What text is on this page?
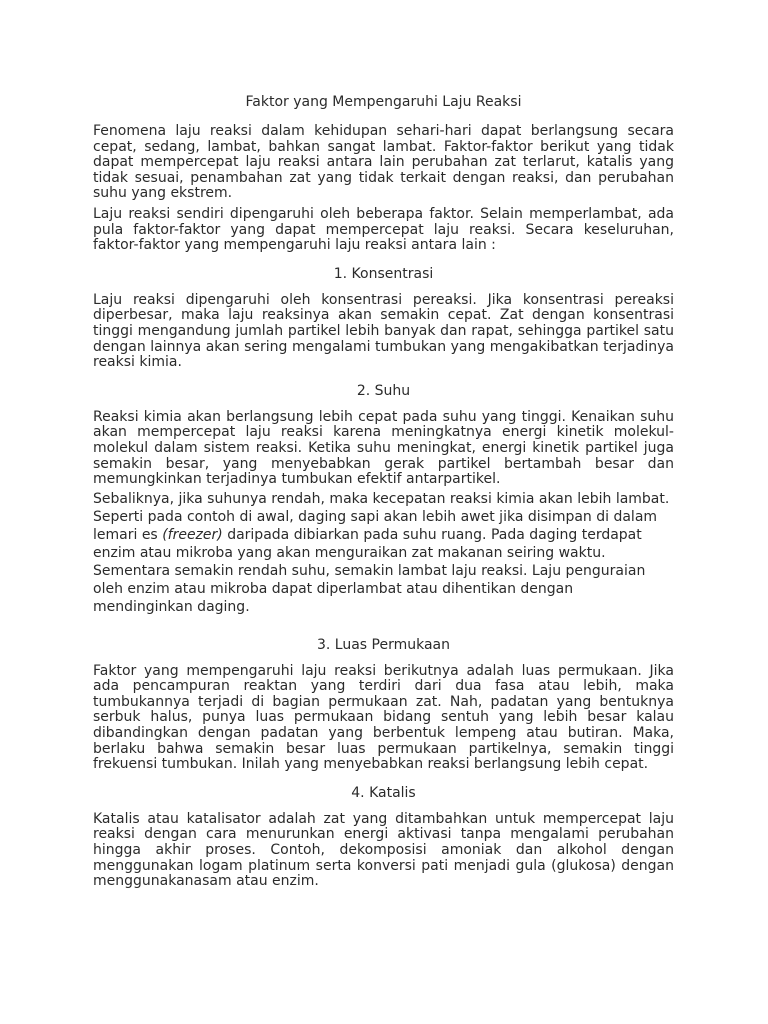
Faktor yang Mempengaruhi Laju Reaksi

Fenomena laju reaksi dalam kehidupan sehari-hari dapat berlangsung secara cepat, sedang, lambat, bahkan sangat lambat. Faktor-faktor berikut yang tidak dapat mempercepat laju reaksi antara lain perubahan zat terlarut, katalis yang tidak sesuai, penambahan zat yang tidak terkait dengan reaksi, dan perubahan suhu yang ekstrem.

Laju reaksi sendiri dipengaruhi oleh beberapa faktor. Selain memperlambat, ada pula faktor-faktor yang dapat mempercepat laju reaksi. Secara keseluruhan, faktor-faktor yang mempengaruhi laju reaksi antara lain :

1. Konsentrasi

Laju reaksi dipengaruhi oleh konsentrasi pereaksi. Jika konsentrasi pereaksi diperbesar, maka laju reaksinya akan semakin cepat. Zat dengan konsentrasi tinggi mengandung jumlah partikel lebih banyak dan rapat, sehingga partikel satu dengan lainnya akan sering mengalami tumbukan yang mengakibatkan terjadinya reaksi kimia.

2. Suhu

Reaksi kimia akan berlangsung lebih cepat pada suhu yang tinggi. Kenaikan suhu akan mempercepat laju reaksi karena meningkatnya energi kinetik molekul-molekul dalam sistem reaksi. Ketika suhu meningkat, energi kinetik partikel juga semakin besar, yang menyebabkan gerak partikel bertambah besar dan memungkinkan terjadinya tumbukan efektif antarpartikel.

Sebaliknya, jika suhunya rendah, maka kecepatan reaksi kimia akan lebih lambat. Seperti pada contoh di awal, daging sapi akan lebih awet jika disimpan di dalam lemari es (freezer) daripada dibiarkan pada suhu ruang. Pada daging terdapat enzim atau mikroba yang akan menguraikan zat makanan seiring waktu. Sementara semakin rendah suhu, semakin lambat laju reaksi. Laju penguraian oleh enzim atau mikroba dapat diperlambat atau dihentikan dengan mendinginkan daging.

3. Luas Permukaan

Faktor yang mempengaruhi laju reaksi berikutnya adalah luas permukaan. Jika ada pencampuran reaktan yang terdiri dari dua fasa atau lebih, maka tumbukannya terjadi di bagian permukaan zat. Nah, padatan yang bentuknya serbuk halus, punya luas permukaan bidang sentuh yang lebih besar kalau dibandingkan dengan padatan yang berbentuk lempeng atau butiran. Maka, berlaku bahwa semakin besar luas permukaan partikelnya, semakin tinggi frekuensi tumbukan. Inilah yang menyebabkan reaksi berlangsung lebih cepat.

4. Katalis

Katalis atau katalisator adalah zat yang ditambahkan untuk mempercepat laju reaksi dengan cara menurunkan energi aktivasi tanpa mengalami perubahan hingga akhir proses. Contoh, dekomposisi amoniak dan alkohol dengan menggunakan logam platinum serta konversi pati menjadi gula (glukosa) dengan menggunakanasam atau enzim.
